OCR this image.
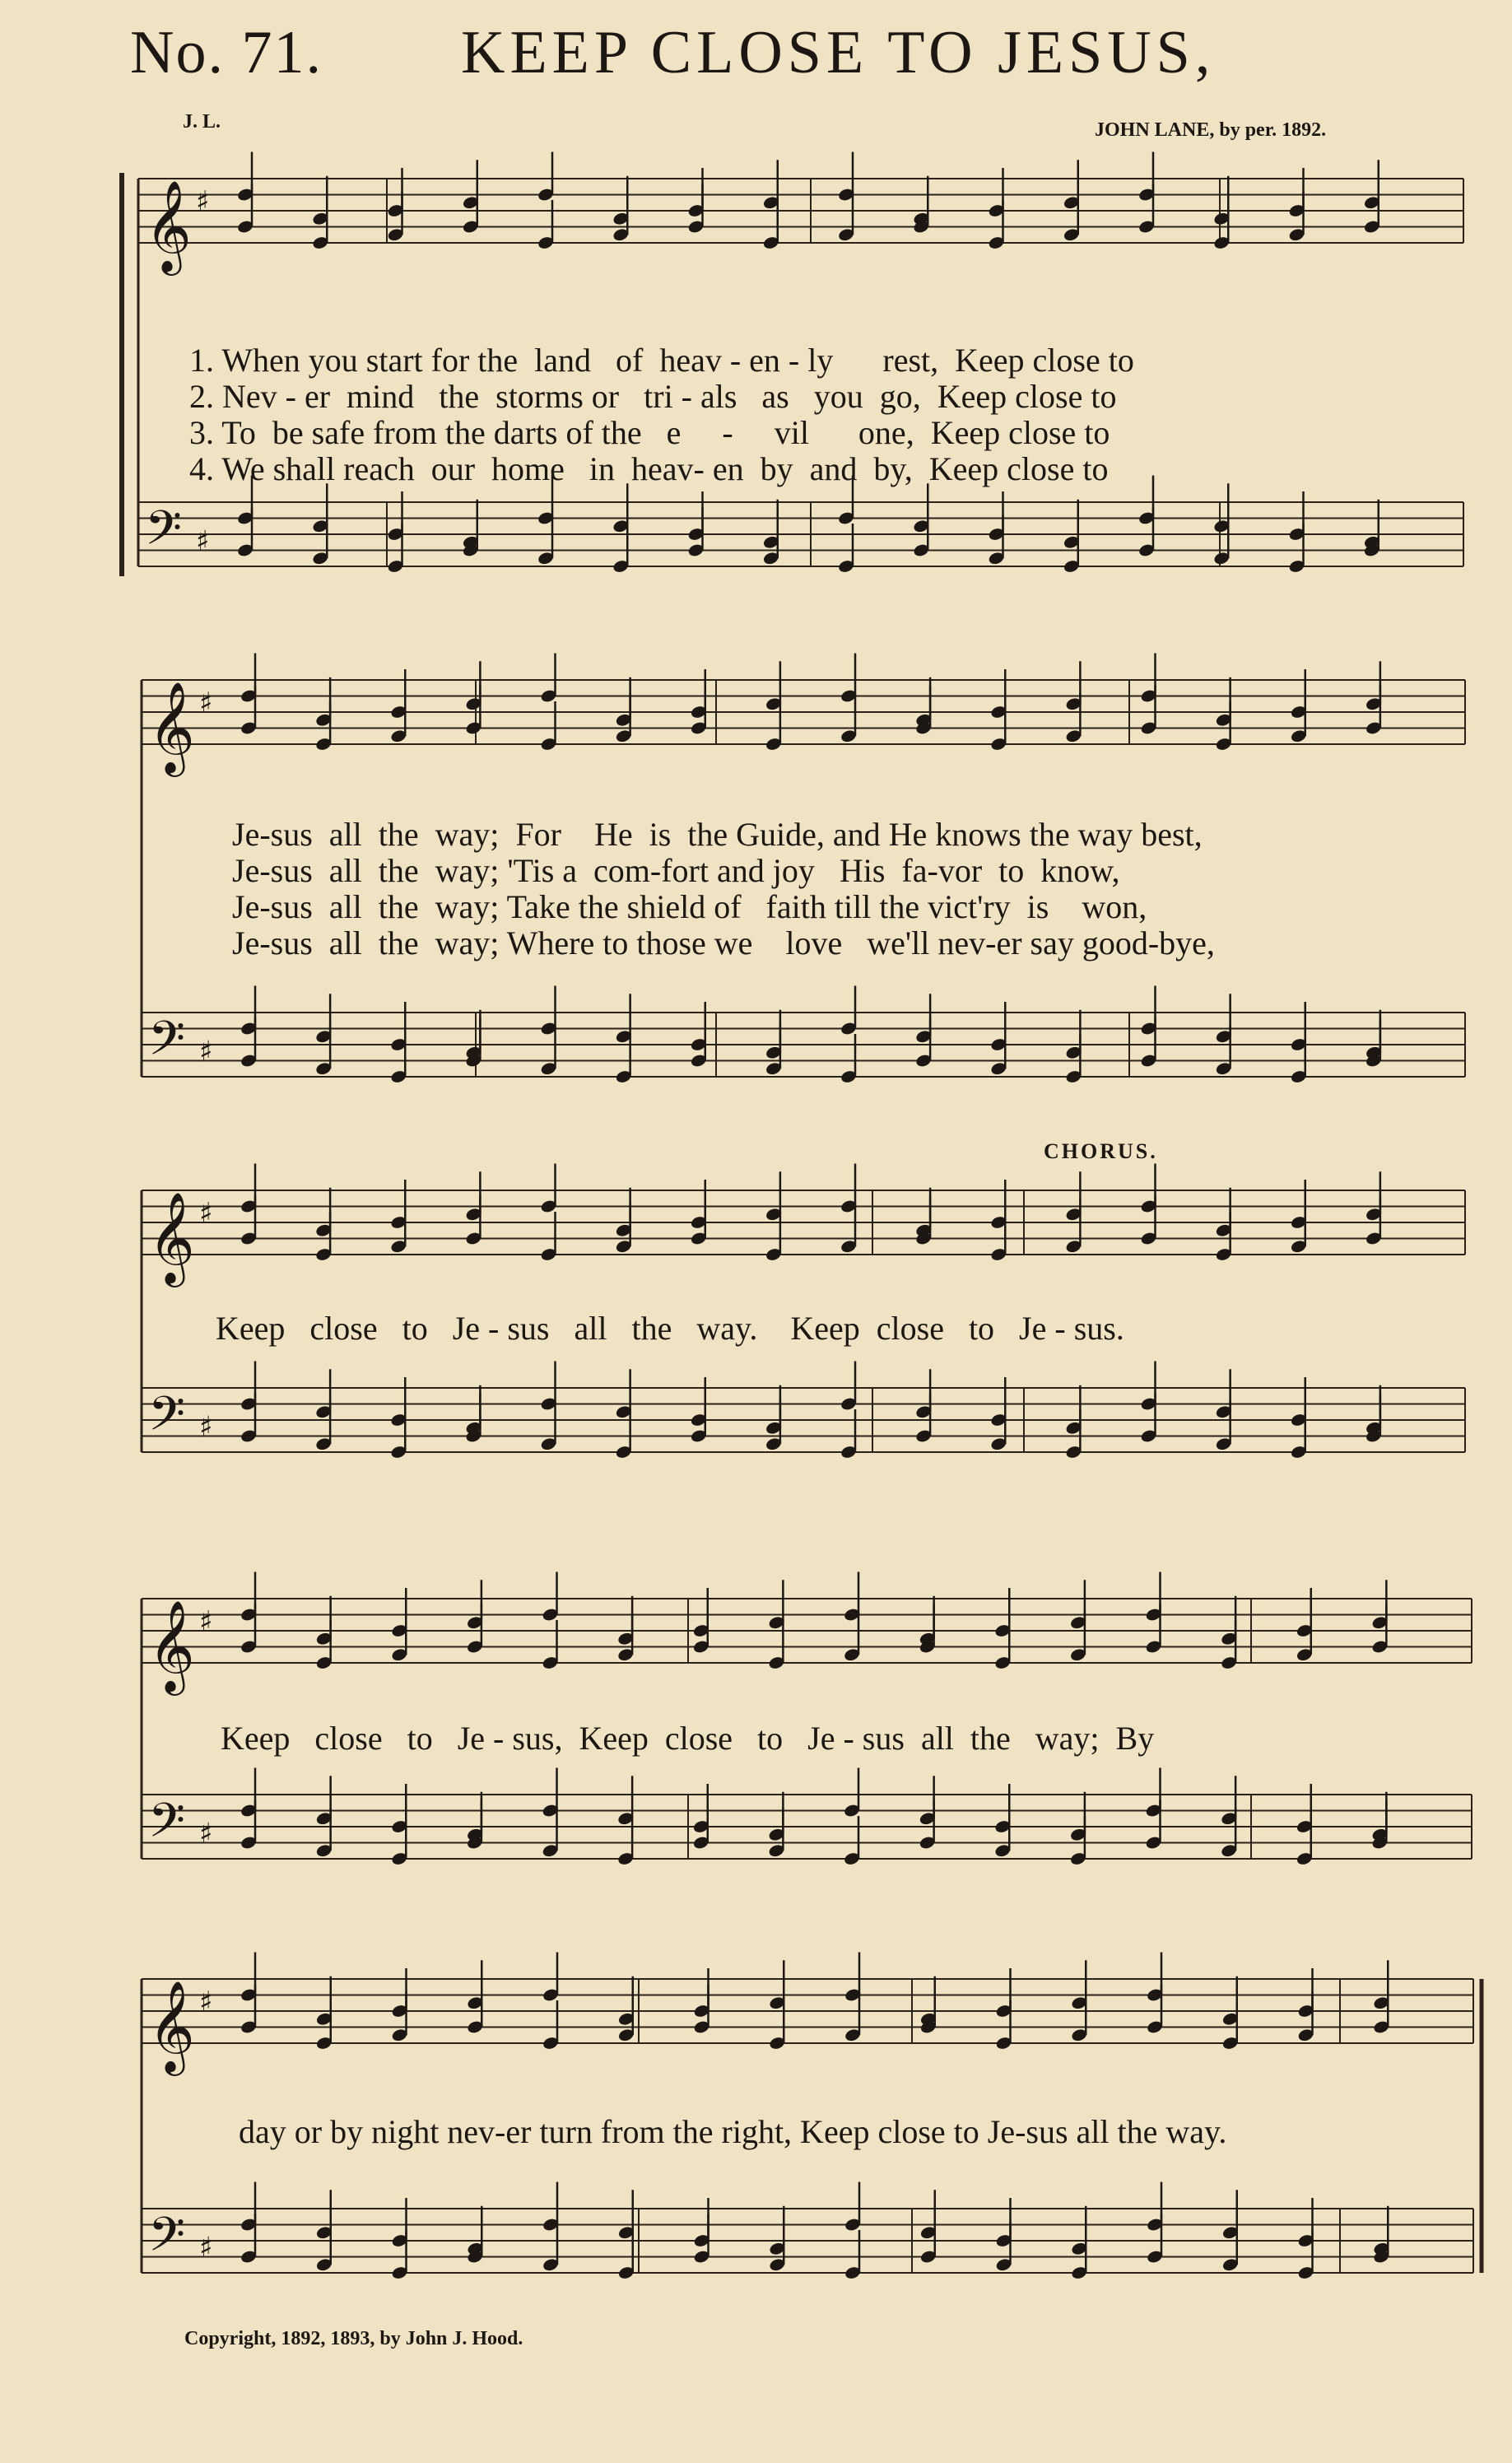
No. 71. KEEP CLOSE TO JESUS,
J. L.	JOHN LANE, by per. 1892.
𝄞
𝄢
♯
♯
𝄞
𝄢
♯
♯
𝄞
𝄢
♯
♯
𝄞
𝄢
♯
♯
𝄞
𝄢
♯
♯

1. When you start for the  land   of  heav - en - ly      rest,  Keep close to

2. Nev - er  mind   the  storms or   tri - als   as   you  go,  Keep close to

3. To  be safe from the darts of the   e     -     vil      one,  Keep close to

4. We shall reach  our  home   in  heav- en  by  and  by,  Keep close to

Je-sus  all  the  way;  For    He  is  the Guide, and He knows the way best,
Je-sus  all  the  way; 'Tis a  com-fort and joy   His  fa-vor  to  know,
Je-sus  all  the  way; Take the shield of   faith till the vict'ry  is    won,
Je-sus  all  the  way; Where to those we    love   we'll nev-er say good-bye,
CHORUS.
Keep   close   to   Je - sus   all   the   way.    Keep  close   to   Je - sus.
Keep   close   to   Je - sus,  Keep  close   to   Je - sus  all  the   way;  By
day or by night nev-er turn from the right, Keep close to Je-sus all the way.
Copyright, 1892, 1893, by John J. Hood.
